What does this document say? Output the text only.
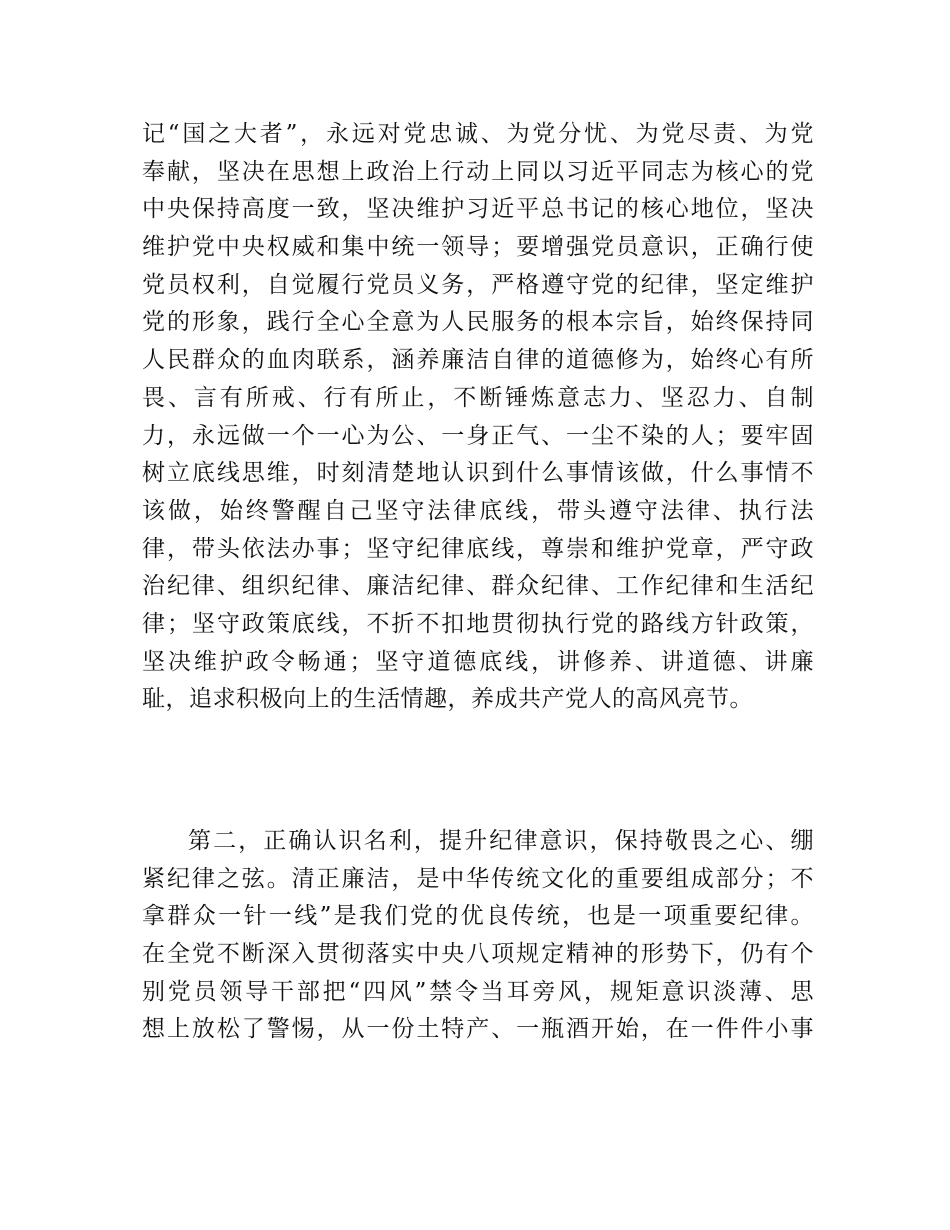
记“国之大者”，永远对党忠诚、为党分忧、为党尽责、为党
奉献，坚决在思想上政治上行动上同以习近平同志为核心的党
中央保持高度一致，坚决维护习近平总书记的核心地位，坚决
维护党中央权威和集中统一领导；要增强党员意识，正确行使
党员权利，自觉履行党员义务，严格遵守党的纪律，坚定维护
党的形象，践行全心全意为人民服务的根本宗旨，始终保持同
人民群众的血肉联系，涵养廉洁自律的道德修为，始终心有所
畏、言有所戒、行有所止，不断锤炼意志力、坚忍力、自制
力，永远做一个一心为公、一身正气、一尘不染的人；要牢固
树立底线思维，时刻清楚地认识到什么事情该做，什么事情不
该做，始终警醒自己坚守法律底线，带头遵守法律、执行法
律，带头依法办事；坚守纪律底线，尊崇和维护党章，严守政
治纪律、组织纪律、廉洁纪律、群众纪律、工作纪律和生活纪
律；坚守政策底线，不折不扣地贯彻执行党的路线方针政策，
坚决维护政令畅通；坚守道德底线，讲修养、讲道德、讲廉
耻，追求积极向上的生活情趣，养成共产党人的高风亮节。
第二，正确认识名利，提升纪律意识，保持敬畏之心、绷
紧纪律之弦。清正廉洁，是中华传统文化的重要组成部分；不
拿群众一针一线”是我们党的优良传统，也是一项重要纪律。
在全党不断深入贯彻落实中央八项规定精神的形势下，仍有个
别党员领导干部把“四风”禁令当耳旁风，规矩意识淡薄、思
想上放松了警惕，从一份土特产、一瓶酒开始，在一件件小事
